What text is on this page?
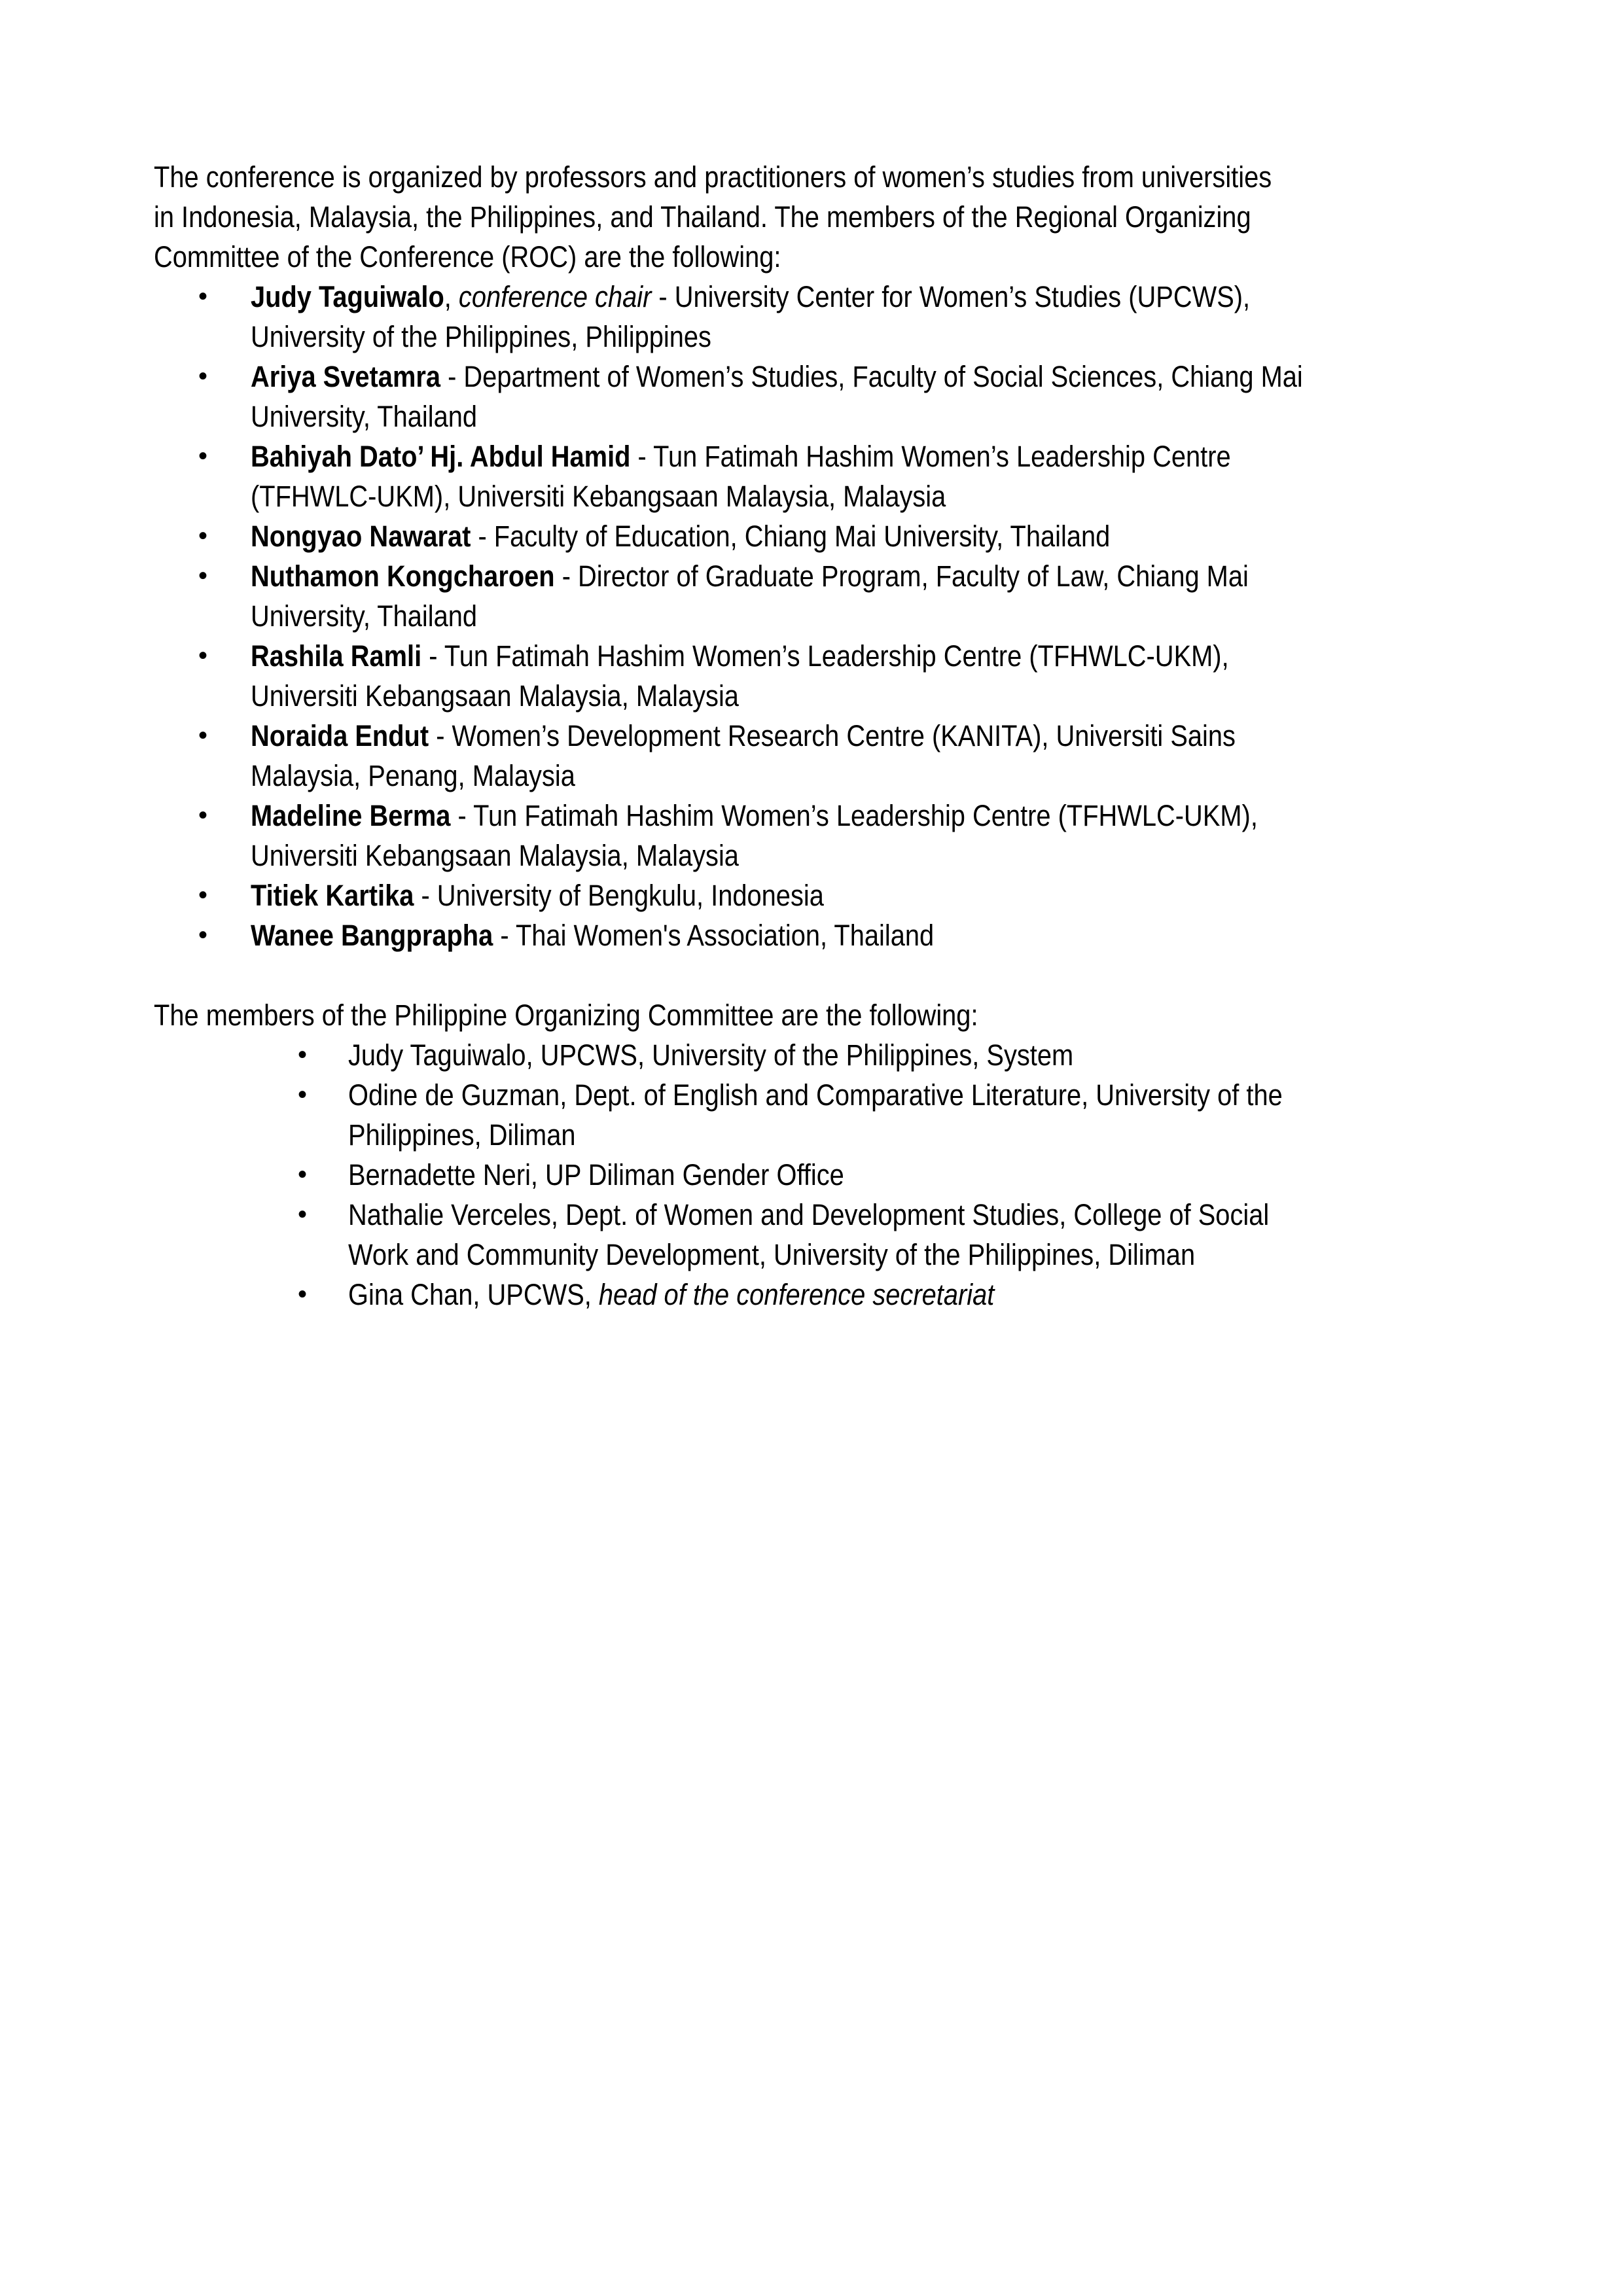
The conference is organized by professors and practitioners of women’s studies from universities
in Indonesia, Malaysia, the Philippines, and Thailand. The members of the Regional Organizing
Committee of the Conference (ROC) are the following:
• Judy Taguiwalo, conference chair - University Center for Women’s Studies (UPCWS),
University of the Philippines, Philippines
• Ariya Svetamra - Department of Women’s Studies, Faculty of Social Sciences, Chiang Mai
University, Thailand
• Bahiyah Dato’ Hj. Abdul Hamid - Tun Fatimah Hashim Women’s Leadership Centre
(TFHWLC-UKM), Universiti Kebangsaan Malaysia, Malaysia
• Nongyao Nawarat - Faculty of Education, Chiang Mai University, Thailand
• Nuthamon Kongcharoen - Director of Graduate Program, Faculty of Law, Chiang Mai
University, Thailand
• Rashila Ramli - Tun Fatimah Hashim Women’s Leadership Centre (TFHWLC-UKM),
Universiti Kebangsaan Malaysia, Malaysia
• Noraida Endut - Women’s Development Research Centre (KANITA), Universiti Sains
Malaysia, Penang, Malaysia
• Madeline Berma - Tun Fatimah Hashim Women’s Leadership Centre (TFHWLC-UKM),
Universiti Kebangsaan Malaysia, Malaysia
• Titiek Kartika - University of Bengkulu, Indonesia
• Wanee Bangprapha - Thai Women's Association, Thailand
The members of the Philippine Organizing Committee are the following:
• Judy Taguiwalo, UPCWS, University of the Philippines, System
• Odine de Guzman, Dept. of English and Comparative Literature, University of the
Philippines, Diliman
• Bernadette Neri, UP Diliman Gender Office
• Nathalie Verceles, Dept. of Women and Development Studies, College of Social
Work and Community Development, University of the Philippines, Diliman
• Gina Chan, UPCWS, head of the conference secretariat
